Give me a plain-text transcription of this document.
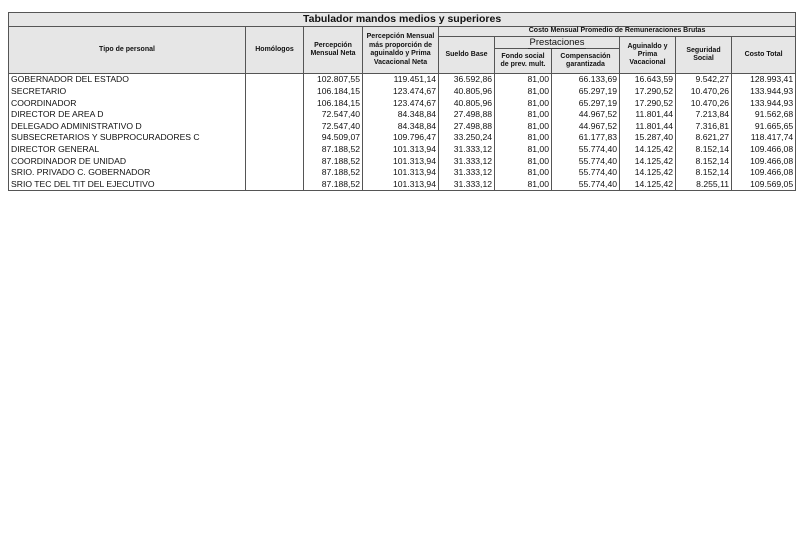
Tabulador mandos medios y superiores									
Tipo de personal	Homólogos	Percepción Mensual Neta	Percepción Mensual más proporción de aguinaldo y Prima Vacacional Neta	Costo Mensual Promedio de Remuneraciones Brutas					
				Sueldo Base	Prestaciones		Aguinaldo y Prima Vacacional	Seguridad Social	Costo Total
					Fondo social de prev. mult.	Compensación garantizada			
GOBERNADOR DEL ESTADO		102.807,55	119.451,14	36.592,86	81,00	66.133,69	16.643,59	9.542,27	128.993,41
SECRETARIO		106.184,15	123.474,67	40.805,96	81,00	65.297,19	17.290,52	10.470,26	133.944,93
COORDINADOR		106.184,15	123.474,67	40.805,96	81,00	65.297,19	17.290,52	10.470,26	133.944,93
DIRECTOR DE AREA D		72.547,40	84.348,84	27.498,88	81,00	44.967,52	11.801,44	7.213,84	91.562,68
DELEGADO ADMINISTRATIVO D		72.547,40	84.348,84	27.498,88	81,00	44.967,52	11.801,44	7.316,81	91.665,65
SUBSECRETARIOS Y SUBPROCURADORES C		94.509,07	109.796,47	33.250,24	81,00	61.177,83	15.287,40	8.621,27	118.417,74
DIRECTOR GENERAL		87.188,52	101.313,94	31.333,12	81,00	55.774,40	14.125,42	8.152,14	109.466,08
COORDINADOR DE UNIDAD		87.188,52	101.313,94	31.333,12	81,00	55.774,40	14.125,42	8.152,14	109.466,08
SRIO. PRIVADO C. GOBERNADOR		87.188,52	101.313,94	31.333,12	81,00	55.774,40	14.125,42	8.152,14	109.466,08
SRIO TEC DEL TIT DEL EJECUTIVO		87.188,52	101.313,94	31.333,12	81,00	55.774,40	14.125,42	8.255,11	109.569,05
